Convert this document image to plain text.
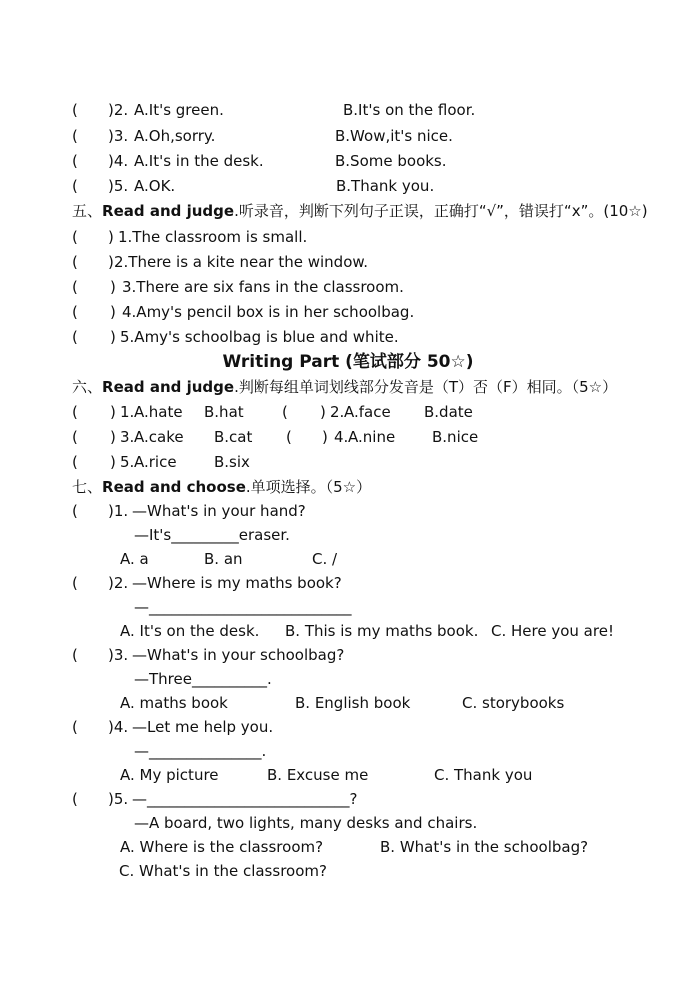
( )2. A.It's green.	B.It's on the floor.
( )3. A.Oh,sorry.	B.Wow,it's nice.
( )4. A.It's in the desk.	B.Some books.
( )5. A.OK.	B.Thank you.
五、Read and judge.听录音，判断下列句子正误，正确打“√”，错误打“x”。(10☆)
( ) 1.The classroom is small.
( ) 2.There is a kite near the window.
( ) 3.There are six fans in the classroom.
( ) 4.Amy's pencil box is in her schoolbag.
( ) 5.Amy's schoolbag is blue and white.
Writing Part (笔试部分 50☆)
六、Read and judge.判断每组单词划线部分发音是（T）否（F）相同。（5☆）
( ) 1. A.hate B.hat	( ) 2. A.face B.date
( ) 3. A.cake B.cat ( ) 4. A.nine B.nice
( ) 5. A.rice B.six
七、Read and choose.单项选择。（5☆）
( )1. —What's in your hand?
—It's_________eraser.
A. a	B. an	C. /
( )2. —Where is my maths book?
—___________________________
A. It's on the desk. B. This is my maths book. C. Here you are!
( )3. —What's in your schoolbag?
—Three__________.
A. maths book	B. English book	C. storybooks
( )4. —Let me help you.
—_______________.
A. My picture	B. Excuse me	C. Thank you
( )5. —___________________________?
—A board, two lights, many desks and chairs.
A. Where is the classroom?	B. What's in the schoolbag?
C. What's in the classroom?
